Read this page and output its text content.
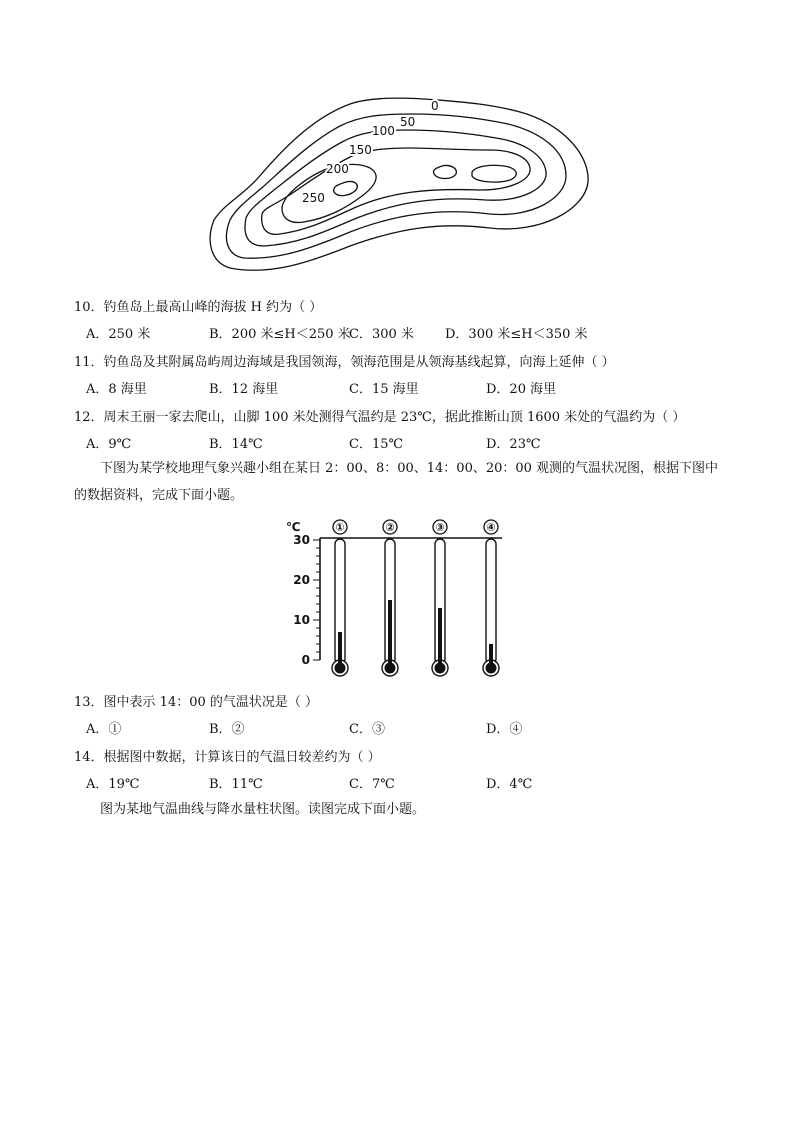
0
50
100
150
200
250
10．钓鱼岛上最高山峰的海拔 H 约为（ ）
A．250 米	B．200 米≤H＜250 米
C．300 米 D．300 米≤H＜350 米
11．钓鱼岛及其附属岛屿周边海域是我国领海，领海范围是从领海基线起算，向海上延伸（ ）
A．8 海里	B．12 海里	C．15 海里	D．20 海里
12．周末王丽一家去爬山，山脚 100 米处测得气温约是 23℃，据此推断山顶 1600 米处的气温约为（ ）
A．9℃	B．14℃	C．15℃	D．23℃
下图为某学校地理气象兴趣小组在某日 2：00、8：00、14：00、20：00 观测的气温状况图，根据下图中的数据资料，完成下面小题。
℃
30
20
10
0
①	②	③	④
13．图中表示 14：00 的气温状况是（ ）
A．①	B．②	C．③	D．④
14．根据图中数据，计算该日的气温日较差约为（ ）
A．19℃	B．11℃	C．7℃	D．4℃
图为某地气温曲线与降水量柱状图。读图完成下面小题。
